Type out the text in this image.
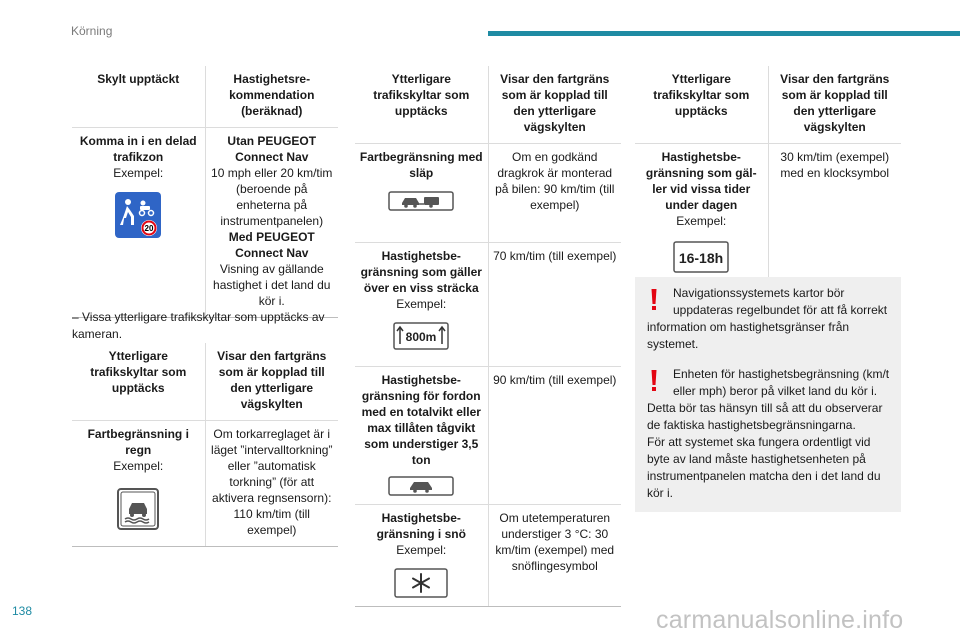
Körning
Skylt upptäckt	Hastighetsre-kommendation (beräknad)

Komma in i en delad trafikzon
Exempel:
20	Utan PEUGEOT Connect Nav
10 mph eller 20 km/tim (beroende på enheterna på instrumentpanelen)
Med PEUGEOT Connect Nav
Visning av gällande hastighet i det land du kör i.
– Vissa ytterligare trafikskyltar som upptäcks av kameran.
Ytterligare trafikskyltar som upptäcks	Visar den fartgräns som är kopplad till den ytterligare vägskylten

Fartbegränsning i regn
Exempel:	Om torkarreglaget är i läget ”intervalltorkning” eller ”automatisk torkning” (för att aktivera regnsensorn): 110 km/tim (till exempel)
Ytterligare trafikskyltar som upptäcks	Visar den fartgräns som är kopplad till den ytterligare vägskylten

Fartbegränsning med släp	Om en godkänd dragkrok är monterad på bilen: 90 km/tim (till exempel)

Hastighetsbe-gränsning som gäller över en viss sträcka
Exempel:
800m	70 km/tim (till exempel)

Hastighetsbe-gränsning för fordon med en totalvikt eller max tillåten tågvikt som understiger 3,5 ton	90 km/tim (till exempel)

Hastighetsbe-gränsning i snö
Exempel:	Om utetemperaturen understiger 3 °C: 30 km/tim (exempel) med snöflingesymbol
Ytterligare trafikskyltar som upptäcks	Visar den fartgräns som är kopplad till den ytterligare vägskylten

Hastighetsbe-gränsning som gäl-ler vid vissa tider under dagen
Exempel:
16-18h	30 km/tim (exempel) med en klocksymbol
Navigationssystemets kartor bör uppdateras regelbundet för att få korrekt
information om hastighetsgränser från systemet.
Enheten för hastighetsbegränsning (km/t eller mph) beror på vilket land du kör i.
Detta bör tas hänsyn till så att du observerar de faktiska hastighetsbegränsningarna.
För att systemet ska fungera ordentligt vid byte av land måste hastighetsenheten på instrumentpanelen matcha den i det land du kör i.
138	carmanualsonline.info
